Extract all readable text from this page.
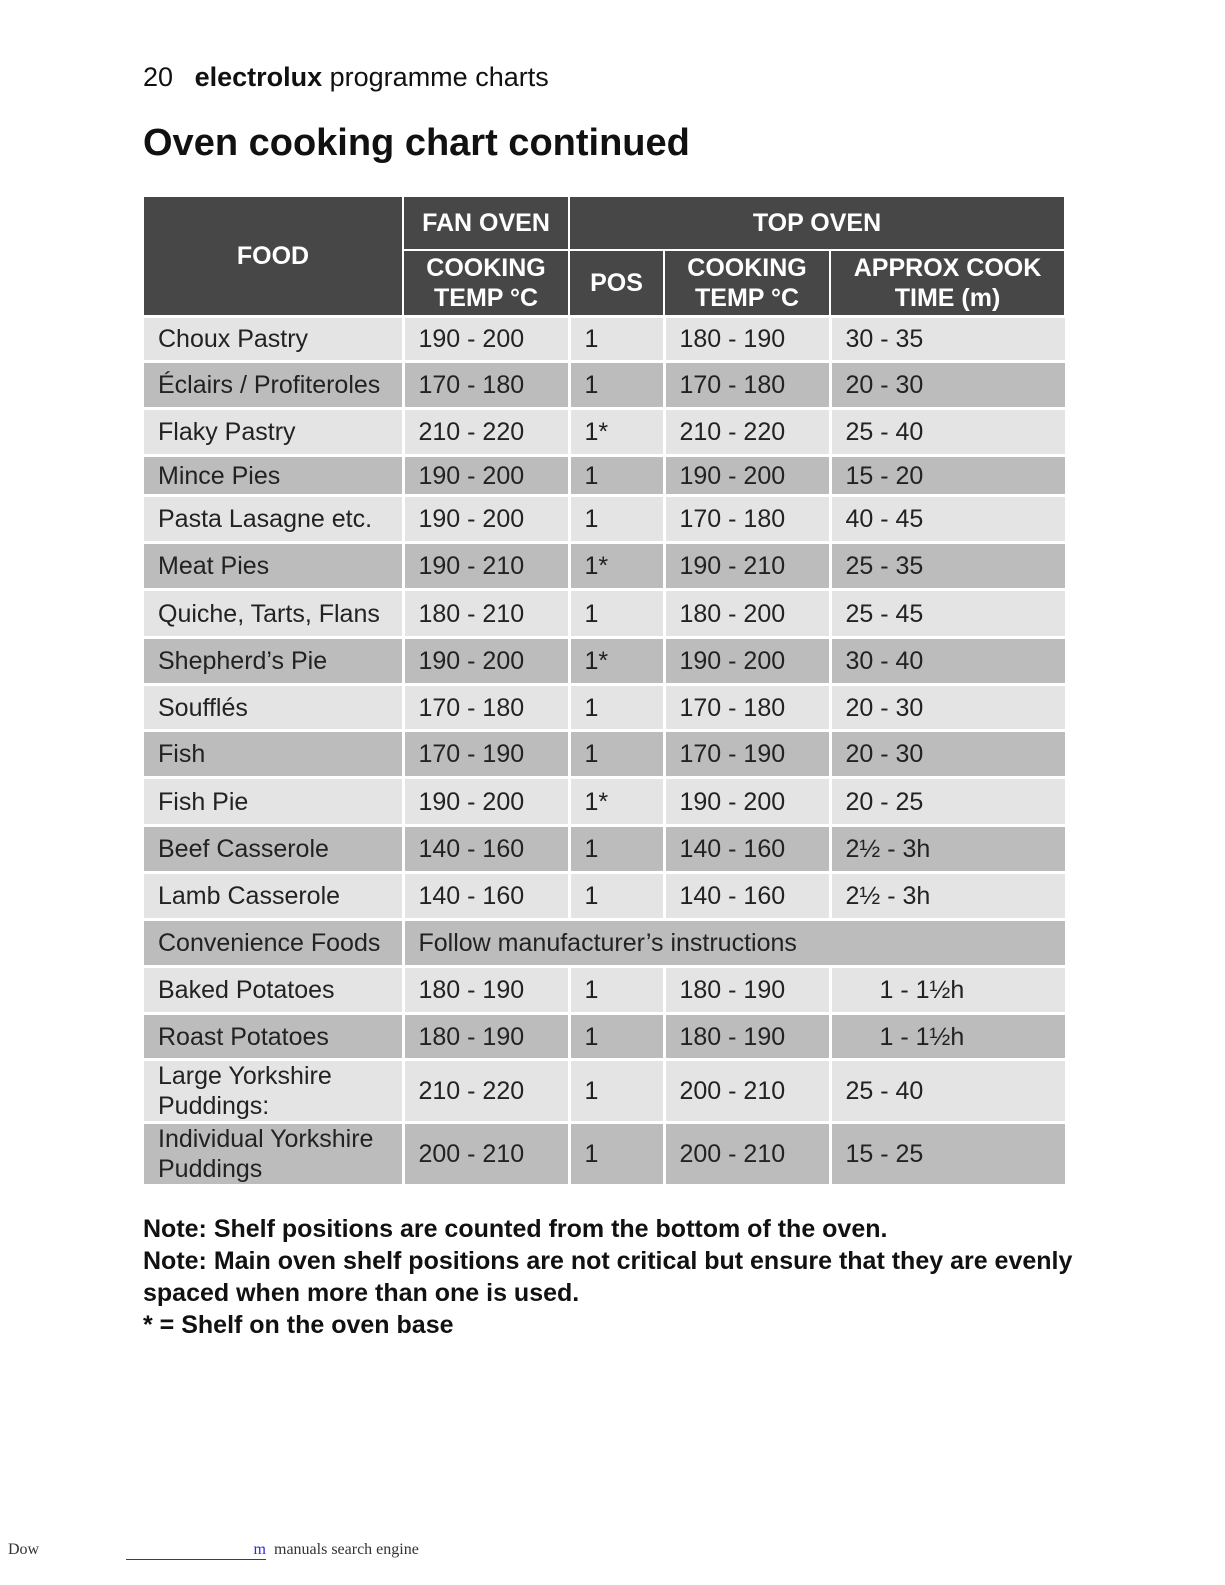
20 electrolux programme charts
Oven cooking chart continued
FOOD	FAN OVEN	TOP OVEN		
	COOKING TEMP °C	POS	COOKING TEMP °C	APPROX COOK TIME (m)
Choux Pastry	190 - 200	1	180 - 190	30 - 35
Éclairs / Profiteroles	170 - 180	1	170 - 180	20 - 30
Flaky Pastry	210 - 220	1*	210 - 220	25 - 40
Mince Pies	190 - 200	1	190 - 200	15 - 20
Pasta Lasagne etc.	190 - 200	1	170 - 180	40 - 45
Meat Pies	190 - 210	1*	190 - 210	25 - 35
Quiche, Tarts, Flans	180 - 210	1	180 - 200	25 - 45
Shepherd’s Pie	190 - 200	1*	190 - 200	30 - 40
Soufflés	170 - 180	1	170 - 180	20 - 30
Fish	170 - 190	1	170 - 190	20 - 30
Fish Pie	190 - 200	1*	190 - 200	20 - 25
Beef Casserole	140 - 160	1	140 - 160	2½ - 3h
Lamb Casserole	140 - 160	1	140 - 160	2½ - 3h
Convenience Foods	Follow manufacturer’s instructions			
Baked Potatoes	180 - 190	1	180 - 190	1 - 1½h
Roast Potatoes	180 - 190	1	180 - 190	1 - 1½h
Large Yorkshire Puddings:	210 - 220	1	200 - 210	25 - 40
Individual Yorkshire Puddings	200 - 210	1	200 - 210	15 - 25

Note: Shelf positions are counted from the bottom of the oven.

Note: Main oven shelf positions are not critical but ensure that they are evenly spaced when more than one is used.

* = Shelf on the oven base

Dow	m manuals search engine
